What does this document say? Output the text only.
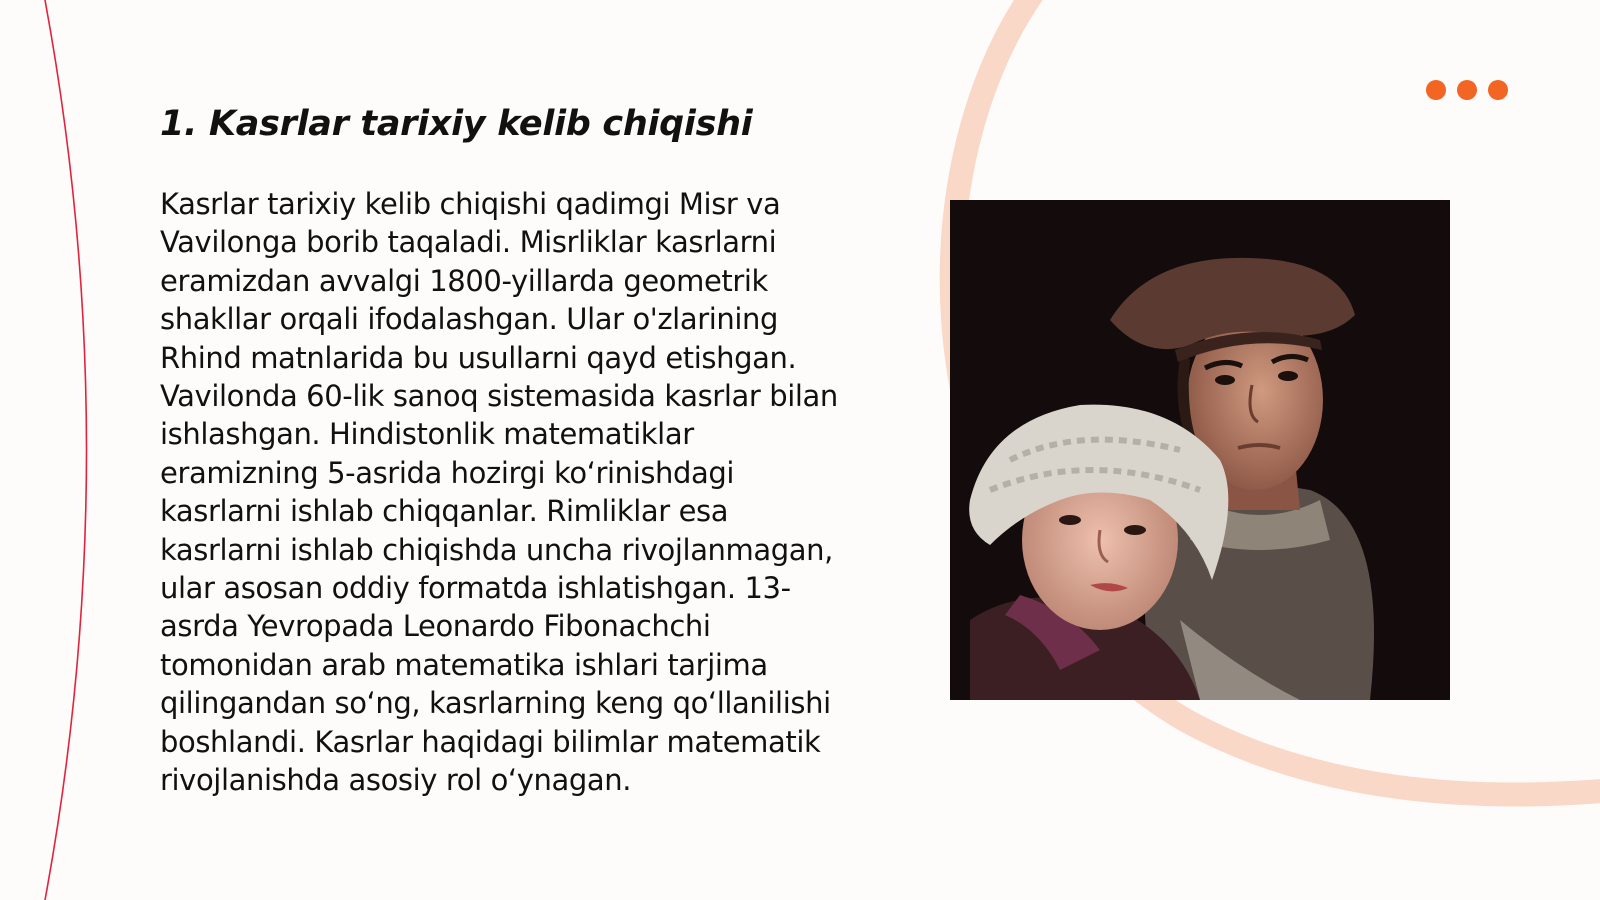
1. Kasrlar tarixiy kelib chiqishi

Kasrlar tarixiy kelib chiqishi qadimgi Misr va Vavilonga borib taqaladi. Misrliklar kasrlarni eramizdan avvalgi 1800-yillarda geometrik shakllar orqali ifodalashgan. Ular o'zlarining Rhind matnlarida bu usullarni qayd etishgan. Vavilonda 60-lik sanoq sistemasida kasrlar bilan ishlashgan. Hindistonlik matematiklar eramizning 5-asrida hozirgi ko‘rinishdagi kasrlarni ishlab chiqqanlar. Rimliklar esa kasrlarni ishlab chiqishda uncha rivojlanmagan, ular asosan oddiy formatda ishlatishgan. 13-asrda Yevropada Leonardo Fibonachchi tomonidan arab matematika ishlari tarjima qilingandan so‘ng, kasrlarning keng qo‘llanilishi boshlandi. Kasrlar haqidagi bilimlar matematik rivojlanishda asosiy rol o‘ynagan.
